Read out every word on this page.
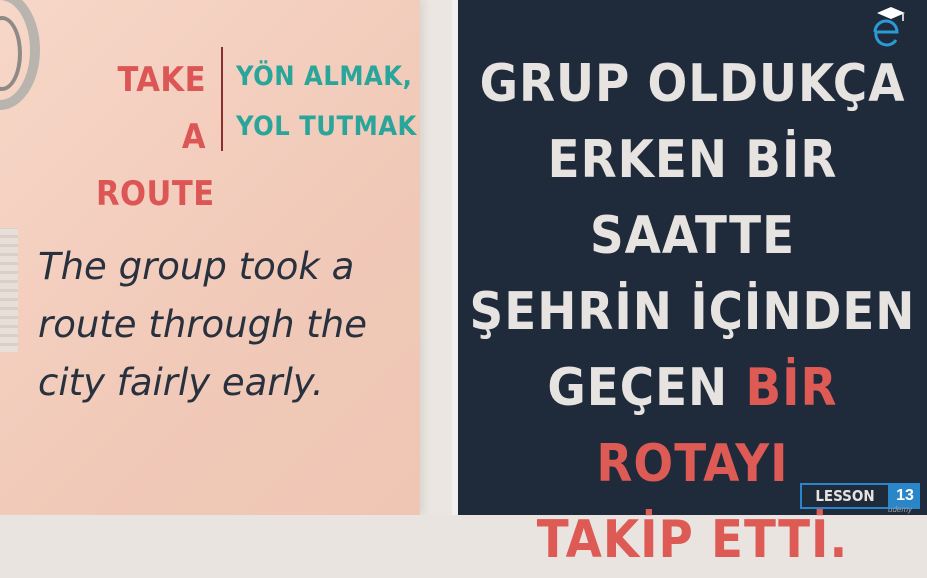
TAKE A
ROUTE
YÖN ALMAK,
YOL TUTMAK
The group took a
route through the
city fairly early.
GRUP OLDUKÇA
ERKEN BİR SAATTE
ŞEHRİN İÇİNDEN
GEÇEN BİR ROTAYI
TAKİP ETTİ.
LESSON	13
udemy
